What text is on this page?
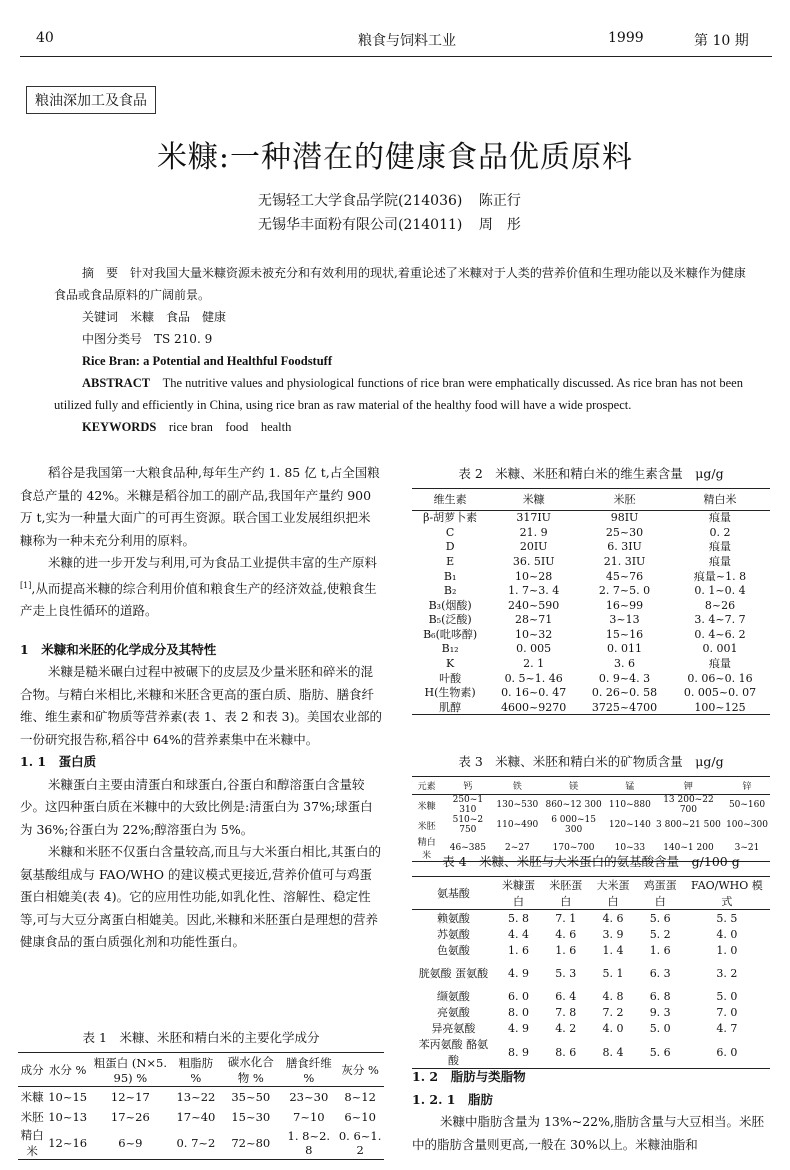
40	粮食与饲料工业	1999	第 10 期
粮油深加工及食品
米糠:一种潜在的健康食品优质原料
无锡轻工大学食品学院(214036) 陈正行
无锡华丰面粉有限公司(214011) 周　彤

摘　要　针对我国大量米糠资源未被充分和有效利用的现状,着重论述了米糠对于人类的营养价值和生理功能以及米糠作为健康食品或食品原料的广阔前景。

关键词　米糠　食品　健康

中图分类号　TS 210. 9

Rice Bran: a Potential and Healthful Foodstuff

ABSTRACT　 The nutritive values and physiological functions of rice bran were emphatically discussed. As rice bran has not been utilized fully and efficiently in China, using rice bran as raw material of the healthy food will have a wide prospect.

KEYWORDS　 rice bran　food　health

稻谷是我国第一大粮食品种,每年生产约 1. 85 亿 t,占全国粮食总产量的 42%。米糠是稻谷加工的副产品,我国年产量约 900 万 t,实为一种量大面广的可再生资源。联合国工业发展组织把米糠称为一种未充分利用的原料。

米糠的进一步开发与利用,可为食品工业提供丰富的生产原料[1],从而提高米糠的综合利用价值和粮食生产的经济效益,使粮食生产走上良性循环的道路。

1　米糠和米胚的化学成分及其特性

米糠是糙米碾白过程中被碾下的皮层及少量米胚和碎米的混合物。与精白米相比,米糠和米胚含更高的蛋白质、脂肪、膳食纤维、维生素和矿物质等营养素(表 1、表 2 和表 3)。美国农业部的一份研究报告称,稻谷中 64%的营养素集中在米糠中。

1. 1　蛋白质

米糠蛋白主要由清蛋白和球蛋白,谷蛋白和醇溶蛋白含量较少。这四种蛋白质在米糠中的大致比例是:清蛋白为 37%;球蛋白为 36%;谷蛋白为 22%;醇溶蛋白为 5%。

米糠和米胚不仅蛋白含量较高,而且与大米蛋白相比,其蛋白的氨基酸组成与 FAO/WHO 的建议模式更接近,营养价值可与鸡蛋蛋白相媲美(表 4)。它的应用性功能,如乳化性、溶解性、稳定性等,可与大豆分离蛋白相媲美。因此,米糠和米胚蛋白是理想的营养健康食品的蛋白质强化剂和功能性蛋白。

表 1　米糠、米胚和精白米的主要化学成分
成分	水分 %	粗蛋白 (N×5. 95) %	粗脂肪 %	碳水化合物 %	膳食纤维 %	灰分 %
米糠	10~15	12~17	13~22	35~50	23~30	8~12
米胚	10~13	17~26	17~40	15~30	7~10	6~10
精白米	12~16	6~9	0. 7~2	72~80	1. 8~2. 8	0. 6~1. 2
表 2　米糠、米胚和精白米的维生素含量　μg/g
维生素	米糠	米胚	精白米
β-胡萝卜素	317IU	98IU	痕量
C	21. 9	25~30	0. 2
D	20IU	6. 3IU	痕量
E	36. 5IU	21. 3IU	痕量
B₁	10~28	45~76	痕量~1. 8
B₂	1. 7~3. 4	2. 7~5. 0	0. 1~0. 4
B₃(烟酸)	240~590	16~99	8~26
B₅(泛酸)	28~71	3~13	3. 4~7. 7
B₆(吡哆醇)	10~32	15~16	0. 4~6. 2
B₁₂	0. 005	0. 011	0. 001
K	2. 1	3. 6	痕量
叶酸	0. 5~1. 46	0. 9~4. 3	0. 06~0. 16
H(生物素)	0. 16~0. 47	0. 26~0. 58	0. 005~0. 07
肌醇	4600~9270	3725~4700	100~125
表 3　米糠、米胚和精白米的矿物质含量　μg/g
元素	钙	铁	镁	锰	钾	锌
米糠	250~1 310	130~530	860~12 300	110~880	13 200~22 700	50~160
米胚	510~2 750	110~490	6 000~15 300	120~140	3 800~21 500	100~300
精白米	46~385	2~27	170~700	10~33	140~1 200	3~21
表 4　米糠、米胚与大米蛋白的氨基酸含量　g/100 g
氨基酸	米糠蛋白	米胚蛋白	大米蛋白	鸡蛋蛋白	FAO/WHO 模式
赖氨酸	5. 8	7. 1	4. 6	5. 6	5. 5
苏氨酸	4. 4	4. 6	3. 9	5. 2	4. 0
色氨酸	1. 6	1. 6	1. 4	1. 6	1. 0
胱氨酸 蛋氨酸	4. 9	5. 3	5. 1	6. 3	3. 2
缬氨酸	6. 0	6. 4	4. 8	6. 8	5. 0
亮氨酸	8. 0	7. 8	7. 2	9. 3	7. 0
异亮氨酸	4. 9	4. 2	4. 0	5. 0	4. 7
苯丙氨酸 酪氨酸	8. 9	8. 6	8. 4	5. 6	6. 0

1. 2　脂肪与类脂物

1. 2. 1　脂肪

米糠中脂肪含量为 13%~22%,脂肪含量与大豆相当。米胚中的脂肪含量则更高,一般在 30%以上。米糠油脂和
